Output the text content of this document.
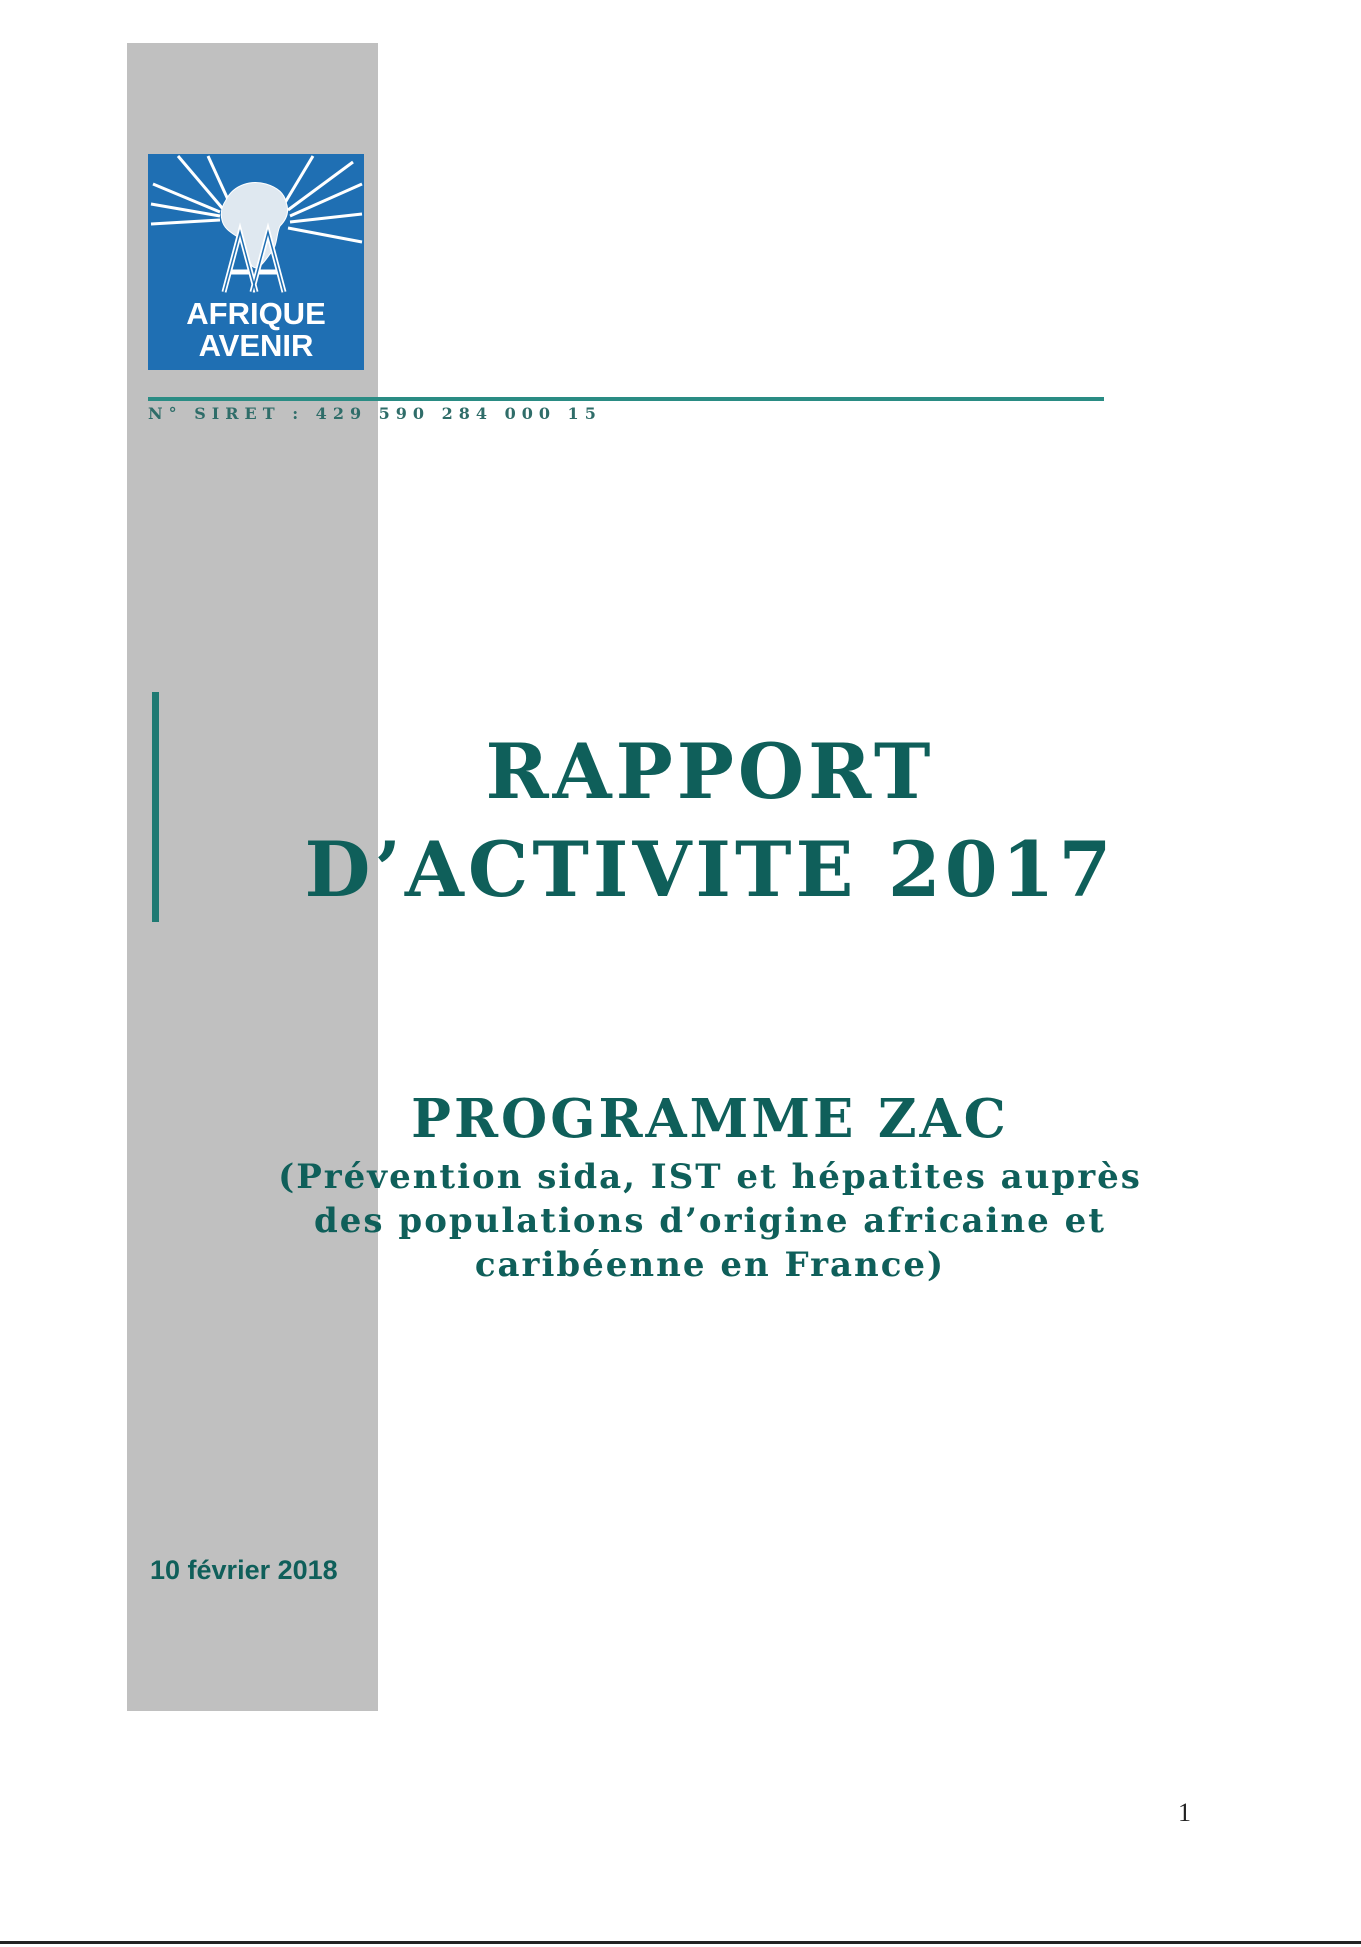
AFRIQUE
AVENIR
N° SIRET : 429 590 284 000 15
RAPPORT
D’ACTIVITE 2017
PROGRAMME ZAC
(Prévention sida, IST et hépatites auprès
des populations d’origine africaine et
caribéenne en France)
10 février 2018
1
